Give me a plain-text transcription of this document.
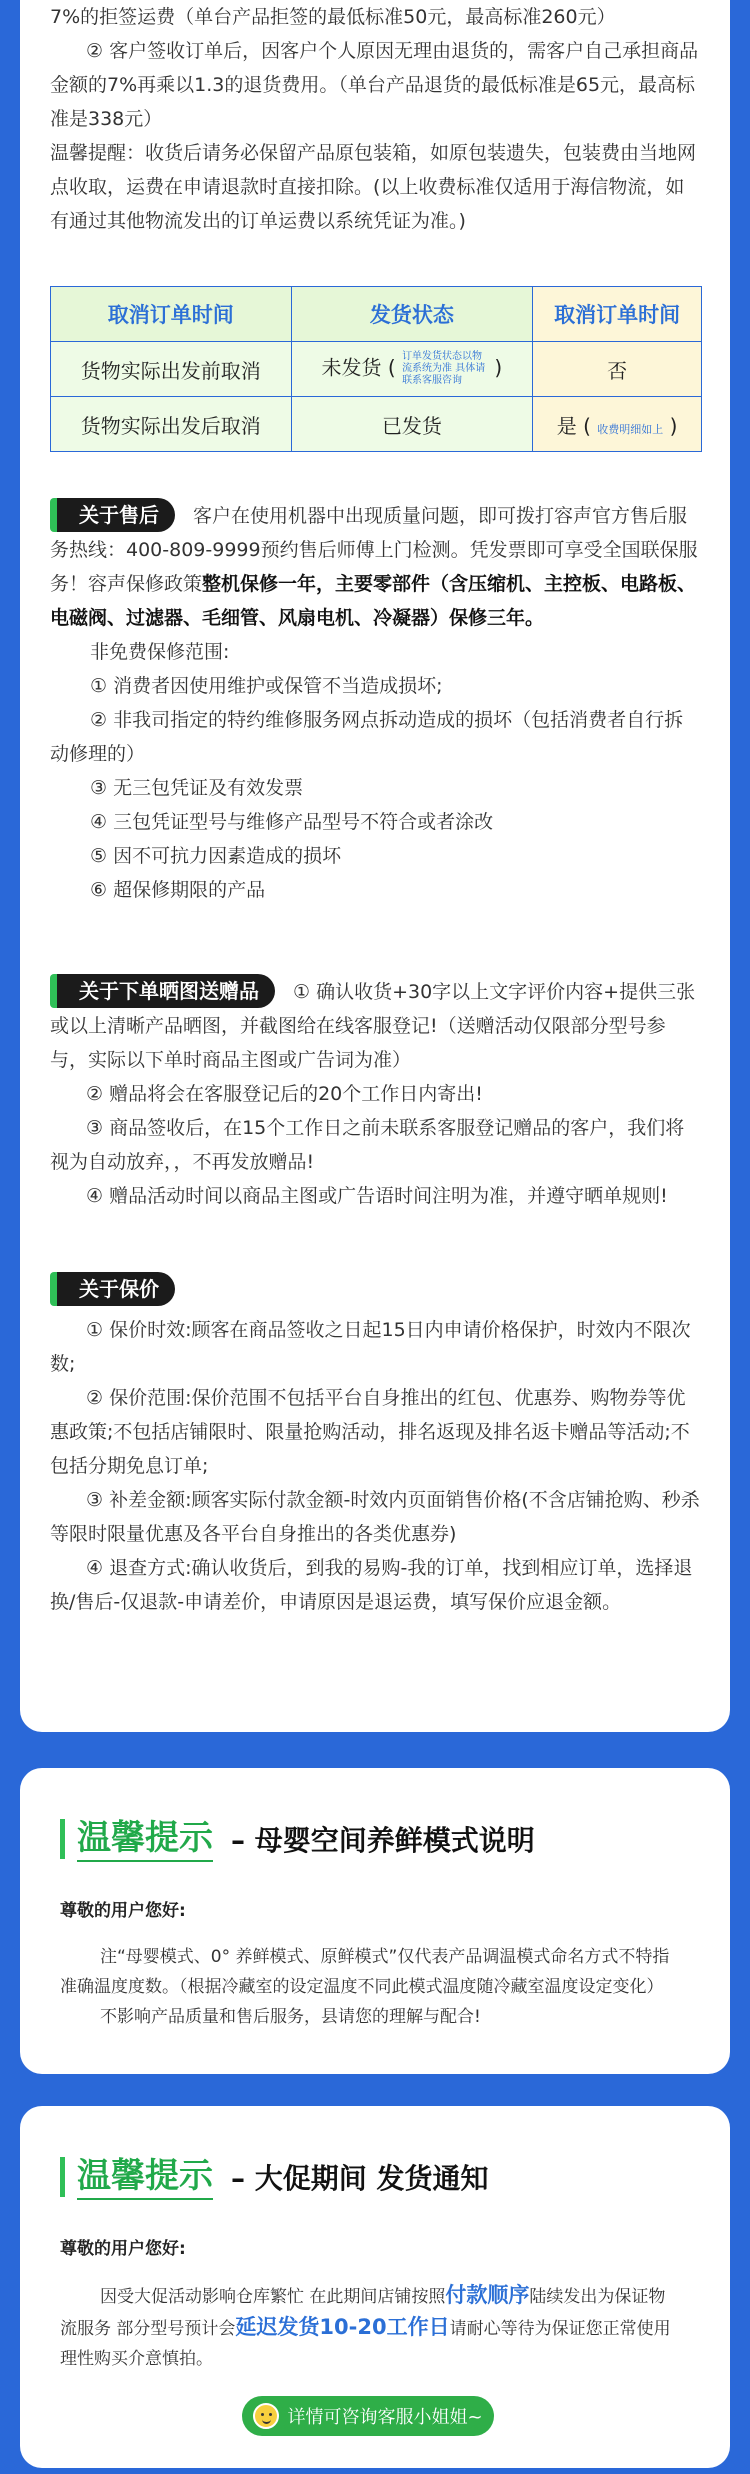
7%的拒签运费（单台产品拒签的最低标准50元，最高标准260元）

② 客户签收订单后，因客户个人原因无理由退货的，需客户自己承担商品金额的7%再乘以1.3的退货费用。（单台产品退货的最低标准是65元，最高标准是338元）

温馨提醒：收货后请务必保留产品原包装箱，如原包装遗失，包装费由当地网点收取，运费在申请退款时直接扣除。(以上收费标准仅适用于海信物流，如有通过其他物流发出的订单运费以系统凭证为准。)

取消订单时间	发货状态	取消订单时间
货物实际出发前取消	未发货 ( 订单发货状态以物流系统为准 具体请联系客服咨询 )	否
货物实际出发后取消	已发货	是 ( 收费明细如上 )

关于售后 客户在使用机器中出现质量问题，即可拨打容声官方售后服务热线：400-809-9999预约售后师傅上门检测。凭发票即可享受全国联保服务！容声保修政策整机保修一年，主要零部件（含压缩机、主控板、电路板、电磁阀、过滤器、毛细管、风扇电机、冷凝器）保修三年。

非免费保修范围:

① 消费者因使用维护或保管不当造成损坏;

② 非我司指定的特约维修服务网点拆动造成的损坏（包括消费者自行拆动修理的）

③ 无三包凭证及有效发票

④ 三包凭证型号与维修产品型号不符合或者涂改

⑤ 因不可抗力因素造成的损坏

⑥ 超保修期限的产品

关于下单晒图送赠品 ① 确认收货+30字以上文字评价内容+提供三张或以上清晰产品晒图，并截图给在线客服登记!（送赠活动仅限部分型号参与，实际以下单时商品主图或广告词为准）

② 赠品将会在客服登记后的20个工作日内寄出!

③ 商品签收后，在15个工作日之前未联系客服登记赠品的客户，我们将视为自动放弃，，不再发放赠品!

④ 赠品活动时间以商品主图或广告语时间注明为准，并遵守晒单规则!

关于保价

① 保价时效:顾客在商品签收之日起15日内申请价格保护，时效内不限次数;

② 保价范围:保价范围不包括平台自身推出的红包、优惠券、购物券等优惠政策;不包括店铺限时、限量抢购活动，排名返现及排名返卡赠品等活动;不包括分期免息订单;

③ 补差金额:顾客实际付款金额-时效内页面销售价格(不含店铺抢购、秒杀等限时限量优惠及各平台自身推出的各类优惠券)

④ 退查方式:确认收货后，到我的易购-我的订单，找到相应订单，选择退换/售后-仅退款-申请差价，申请原因是退运费，填写保价应退金额。

温馨提示 – 母婴空间养鲜模式说明

尊敬的用户您好:

注“母婴模式、0° 养鲜模式、原鲜模式”仅代表产品调温模式命名方式不特指准确温度度数。（根据冷藏室的设定温度不同此模式温度随冷藏室温度设定变化）

不影响产品质量和售后服务，县请您的理解与配合!

温馨提示 – 大促期间 发货通知

尊敬的用户您好:

因受大促活动影响仓库繁忙 在此期间店铺按照付款顺序陆续发出为保证物流服务 部分型号预计会延迟发货10-20工作日请耐心等待为保证您正常使用 理性购买介意慎拍。

详情可咨询客服小姐姐~
